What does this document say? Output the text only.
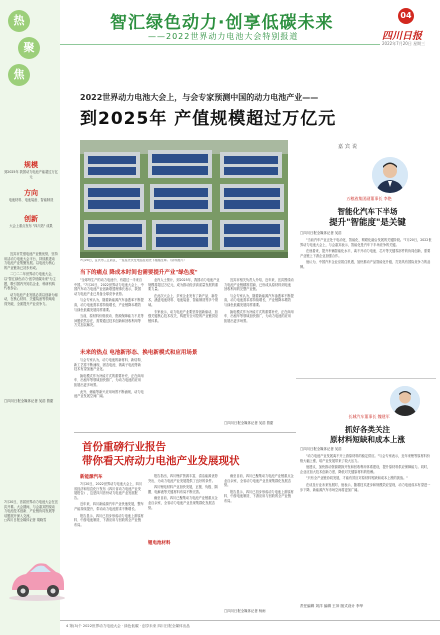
热
聚
焦
规模
到2025年 我国动力电池产能超过万亿元
方向
电池材料、电池装备、智能制造
创新
大会上重点发布 "四川造" 成果

宜宾市凭借电池产业链优势，坚持用活动力电池大会平台，持续推进动力电池产业集聚发展。以电池为核心的产业链条已初步形成。

二〇二二年世界动力电池大会，以"智汇绿色动力·创享低碳未来"为主题，吸引国内外知名企业、科研机构代表参会。

动力电池产业发展必须以创新为驱动，在核心材料、关键装备等领域取得突破，全面提升产业竞争力。

□四川日报全媒体记者 吴浩 曾甜

7月20日，首届世界动力电池大会在宜宾开幕。大会期间，与会嘉宾围绕动力电池技术创新、产业链协同发展等话题展开深入交流。

□四川日报全媒体记者 胡晓雪

智汇绿色动力·创享低碳未来
——2022世界动力电池大会特别报道
04
四川日报
2022年7月20日 星期三
2022世界动力电池大会上，与会专家预测中国的动力电池产业——
到2025年 产值规模超过万亿元
7月20日，宜宾市三江新区，一座座光伏发电站在阳光下熠熠生辉。（资料图片）
嘉宾说
五粮液集团副董事长 李艳
智能化汽车下半场
提升"智能度"是关键
□四川日报全媒体记者 吴浩

"当前汽车产业正处于电动化、智能化、网联化融合发展的关键阶段。"7月20日，2022世界动力电池大会上，与会嘉宾表示，智能化是汽车下半场竞争的关键。

在他看来，提升车辆智能化水平，离不开动力电池、芯片等关键零部件的协同创新，需要产业链上下游企业加强合作。

他认为，中国汽车企业应抓住机遇，加快推动产品智能化升级，打造具有国际竞争力的品牌。

长城汽车董事长 魏建军
抓好各类关注
原材料短缺和成本上涨
□四川日报全媒体记者 吴浩

"动力电池产业发展离不开上游原材料的稳定供应。"与会专家表示，近年来锂等原材料价格大幅上涨，给产业发展带来了较大压力。

他建议，加快推动资源勘探开发和回收利用体系建设，提升原材料供应保障能力。同时，企业应加大技术创新力度，降低对关键原材料的依赖。

"只有全产业链协同发展，才能有效应对原材料短缺和成本上涨的挑战。"

在谈及行业未来发展时，他表示，随着技术进步和规模效应显现，动力电池成本有望进一步下降，新能源汽车市场空间将更加广阔。

责任编辑 刘洋 编辑 王冲 版式设计 李华
当下的痛点 降成本时间也需要提升产业"绿色度"

"全球每生产的动力电池中，有超过一半来自中国。"7月20日，2022世界动力电池大会上，中国汽车动力电池产业创新联盟理事长表示，我国动力电池产业已具备全球竞争优势。

与会专家认为，随着新能源汽车渗透率不断提高，动力电池需求将持续增长，产业链降本增效与绿色低碳发展同样重要。

当前，原材料价格波动、资源保障能力不足等问题依然存在，需要通过技术创新和回收利用等方式加以解决。

未来的热点 电池新形态、换电新模式和应用场景

与会专家认为，动力电池的新材料、新结构、新工艺将不断涌现，固态电池、钠离子电池等新技术有望加速产业化。

换电模式作为补能方式的重要补充，正在商用车、出租车等领域加快推广，为动力电池的应用拓展出更多场景。

此外，储能等新兴应用场景不断涌现，动力电池产业发展空间广阔。

业内人士预计，到2025年，我国动力电池产业规模将超过万亿元，成为推动经济高质量发展的重要力量。

在此次大会上，多家企业发布了新产品、新技术，涵盖电池材料、电池装备、智能制造等多个领域。

专家表示，动力电池产业要坚持创新驱动，加强关键核心技术攻关，构建安全可控的产业链供应链体系。

宜宾市相关负责人介绍，近年来，宜宾围绕动力电池产业链精准招商，已形成从原材料到电池回收利用的完整产业链。

与会专家认为，随着新能源汽车渗透率不断提高，动力电池需求将持续增长，产业链降本增效与绿色低碳发展同样重要。

换电模式作为补能方式的重要补充，正在商用车、出租车等领域加快推广，为动力电池的应用拓展出更多场景。

□四川日报全媒体记者 吴浩 曾甜
首份重磅行业报告
带你看天府动力电池产业发展现状
新能源汽车

7月20日，2022世界动力电池大会上，四川省经济和信息化厅发布《四川省动力电池产业发展报告》，这是四川首份动力电池产业发展报告。

近年来，四川新能源汽车产业快速发展，整车产能持续提升，带动动力电池需求不断增长。

报告显示，四川已初步形成动力电池上游原材料、中游电池制造、下游应用与回收的全产业链布局。

报告指出，四川锂矿资源丰富，清洁能源优势突出，为动力电池产业发展提供了良好的条件。

四川锂电材料产业加快发展，正极、负极、隔膜、电解液等关键材料布局不断完善。

截至目前，四川已聚集动力电池产业链重点企业百余家，全省动力电池产业呈现集群化发展态势。

锂电池材料

截至目前，四川已聚集动力电池产业链重点企业百余家，全省动力电池产业呈现集群化发展态势。

报告显示，四川已初步形成动力电池上游原材料、中游电池制造、下游应用与回收的全产业链布局。

□四川日报全媒体记者 杨雨
4 第(3)个 2022世界动力电池大会 · 绿色低碳 · 创享未来 四川日报全媒体出品
